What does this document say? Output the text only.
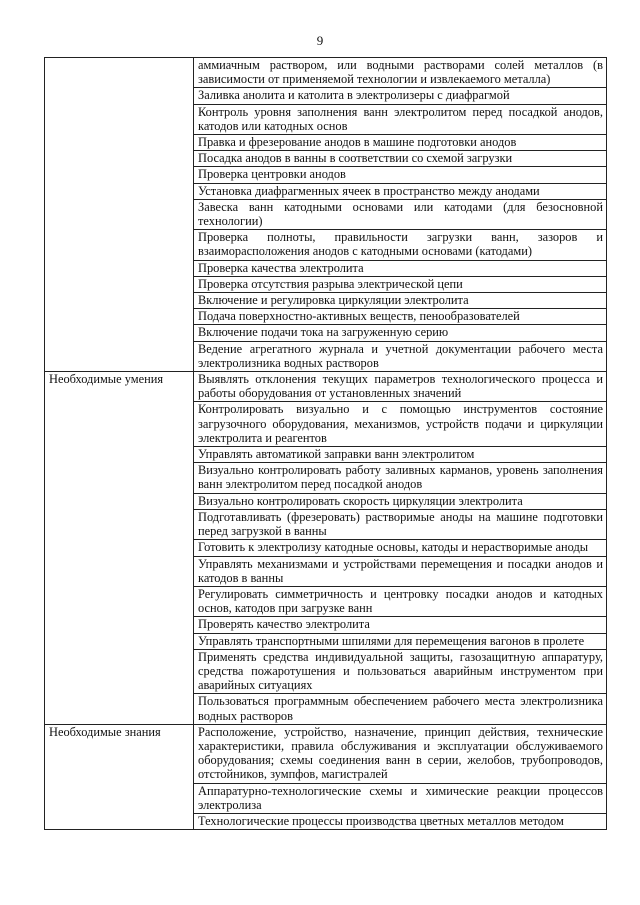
9
	аммиачным раствором, или водными растворами солей металлов (в зависимости от применяемой технологии и извлекаемого металла)
	Заливка анолита и католита в электролизеры с диафрагмой
	Контроль уровня заполнения ванн электролитом перед посадкой анодов, катодов или катодных основ
	Правка и фрезерование анодов в машине подготовки анодов
	Посадка анодов в ванны в соответствии со схемой загрузки
	Проверка центровки анодов
	Установка диафрагменных ячеек в пространство между анодами
	Завеска ванн катодными основами или катодами (для безосновной технологии)
	Проверка полноты, правильности загрузки ванн, зазоров и взаиморасположения анодов с катодными основами (катодами)
	Проверка качества электролита
	Проверка отсутствия разрыва электрической цепи
	Включение и регулировка циркуляции электролита
	Подача поверхностно-активных веществ, пенообразователей
	Включение подачи тока на загруженную серию
	Ведение агрегатного журнала и учетной документации рабочего места электролизника водных растворов
Необходимые умения	Выявлять отклонения текущих параметров технологического процесса и работы оборудования от установленных значений
	Контролировать визуально и с помощью инструментов состояние загрузочного оборудования, механизмов, устройств подачи и циркуляции электролита и реагентов
	Управлять автоматикой заправки ванн электролитом
	Визуально контролировать работу заливных карманов, уровень заполнения ванн электролитом перед посадкой анодов
	Визуально контролировать скорость циркуляции электролита
	Подготавливать (фрезеровать) растворимые аноды на машине подготовки перед загрузкой в ванны
	Готовить к электролизу катодные основы, катоды и нерастворимые аноды
	Управлять механизмами и устройствами перемещения и посадки анодов и катодов в ванны
	Регулировать симметричность и центровку посадки анодов и катодных основ, катодов при загрузке ванн
	Проверять качество электролита
	Управлять транспортными шпилями для перемещения вагонов в пролете
	Применять средства индивидуальной защиты, газозащитную аппаратуру, средства пожаротушения и пользоваться аварийным инструментом при аварийных ситуациях
	Пользоваться программным обеспечением рабочего места электролизника водных растворов
Необходимые знания	Расположение, устройство, назначение, принцип действия, технические характеристики, правила обслуживания и эксплуатации обслуживаемого оборудования; схемы соединения ванн в серии, желобов, трубопроводов, отстойников, зумпфов, магистралей
	Аппаратурно-технологические схемы и химические реакции процессов электролиза
	Технологические процессы производства цветных металлов методом
